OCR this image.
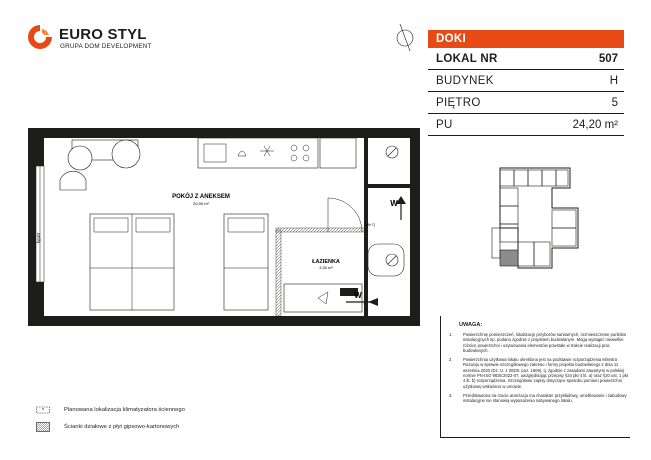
EURO STYL
GRUPA DOM DEVELOPMENT
DOKI
LOKAL NR	507
BUDYNEK	H
PIĘTRO	5
PU	24,20 m²
POKÓJ Z ANEKSEM
20,90 m²
ŁAZIENKA
3,30 m²
[Ni+7]
hp40
W
W
UWAGA:
1.	Powierzchnię pomieszczeń, lokalizację przyborów sanitarnych, rozmieszczenie punktów instalacyjnych itp. podano zgodnie z projektem budowlanym. Mogą wystąpić niewielkie różnice powierzchni i usytuowania elementów powstałe w trakcie realizacji prac budowlanych.
2.	Powierzchnia użytkowa lokalu określona jest na podstawie rozporządzenia Ministra Rozwoju w sprawie szczegółowego zakresu i formy projektu budowlanego z dnia 11 września 2020 (Dz. U. z 2020r. poz. 1609), tj. zgodnie z zasadami zawartymi w polskiej normie PN-ISO 9836:2022-07, uwzględniając przepisy §34 pkt 4 lit. a) oraz §20 ust. 1 pkt 4 lit. b) rozporządzenia. Szczegółowe zapisy dotyczące sposobu pomiaru powierzchni użytkowej wskazano w umowie.
3.	Przedstawiona na rzucie aranżacja ma charakter przykładowy, umeblowanie i zabudowy instalacyjne nie stanowią wyposażenia nabywanego lokalu.
*	Planowana lokalizacja klimatyzatora ściennego
Ścianki działowe z płyt gipsowo-kartonowych
